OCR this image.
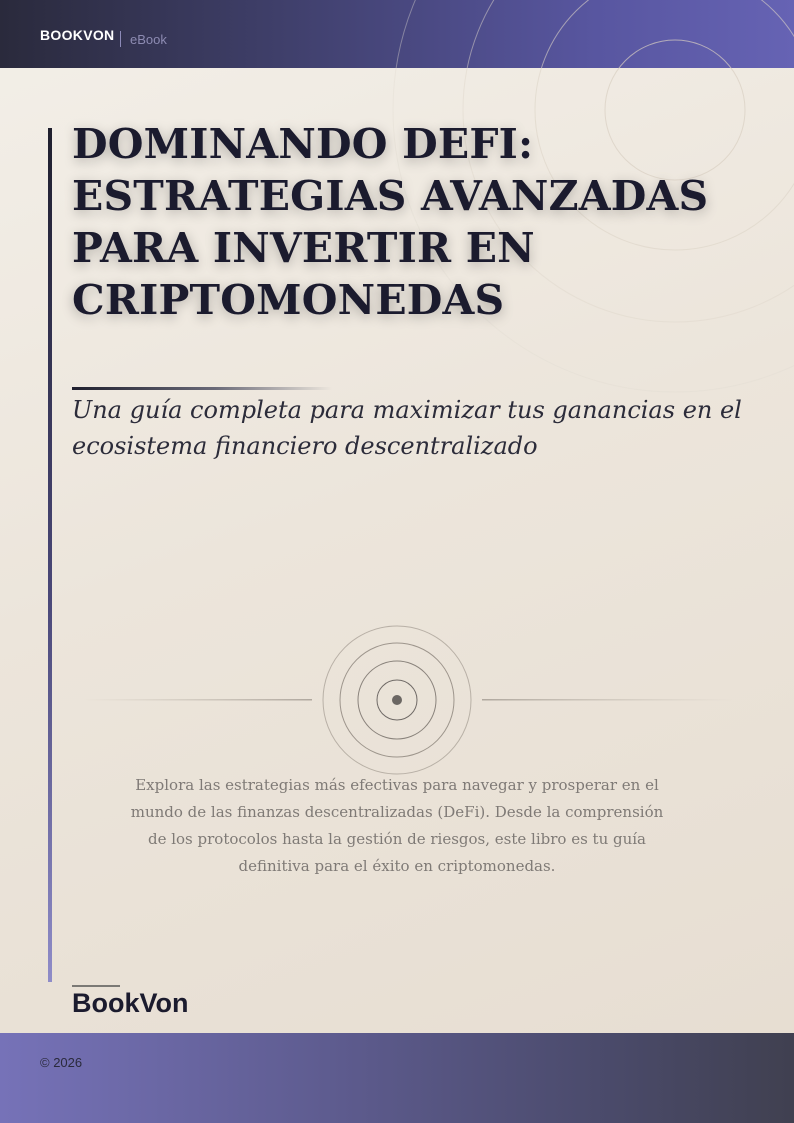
BOOKVON eBook
DOMINANDO DEFI: ESTRATEGIAS AVANZADAS PARA INVERTIR EN CRIPTOMONEDAS

Una guía completa para maximizar tus ganancias en el ecosistema financiero descentralizado

Explora las estrategias más efectivas para navegar y prosperar en el mundo de las finanzas descentralizadas (DeFi). Desde la comprensión de los protocolos hasta la gestión de riesgos, este libro es tu guía definitiva para el éxito en criptomonedas.

BookVon
© 2026
